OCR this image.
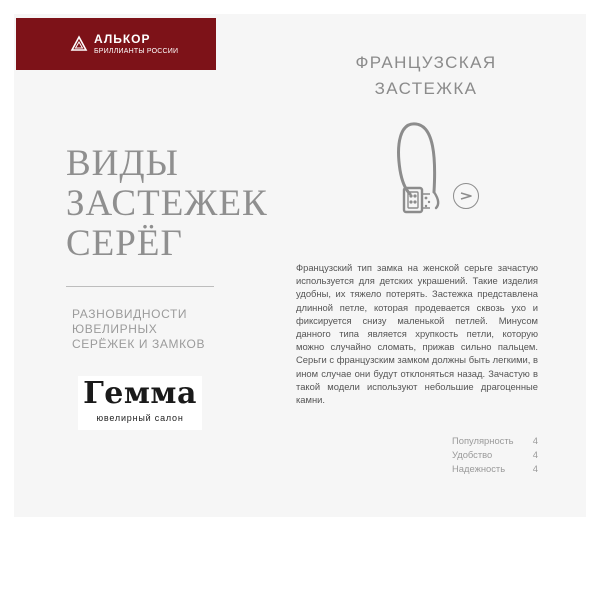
АЛЬКОР
БРИЛЛИАНТЫ РОССИИ
ВИДЫ
ЗАСТЕЖЕК
СЕРЁГ
РАЗНОВИДНОСТИ
ЮВЕЛИРНЫХ
СЕРЁЖЕК И ЗАМКОВ
Гемма
ювелирный салон
ФРАНЦУЗСКАЯ
ЗАСТЕЖКА
Французский тип замка на женской серьге зачастую используется для детских украшений. Такие изделия удобны, их тяжело потерять. Застежка представлена длинной петле, которая продевается сквозь ухо и фиксируется снизу маленькой петлей. Минусом данного типа является хрупкость петли, которую можно случайно сломать, прижав сильно пальцем. Серьги с французским замком должны быть легкими, в ином случае они будут отклоняться назад. Зачастую в такой модели используют небольшие драгоценные камни.
Популярность 4
Удобство	4
Надежность	4
